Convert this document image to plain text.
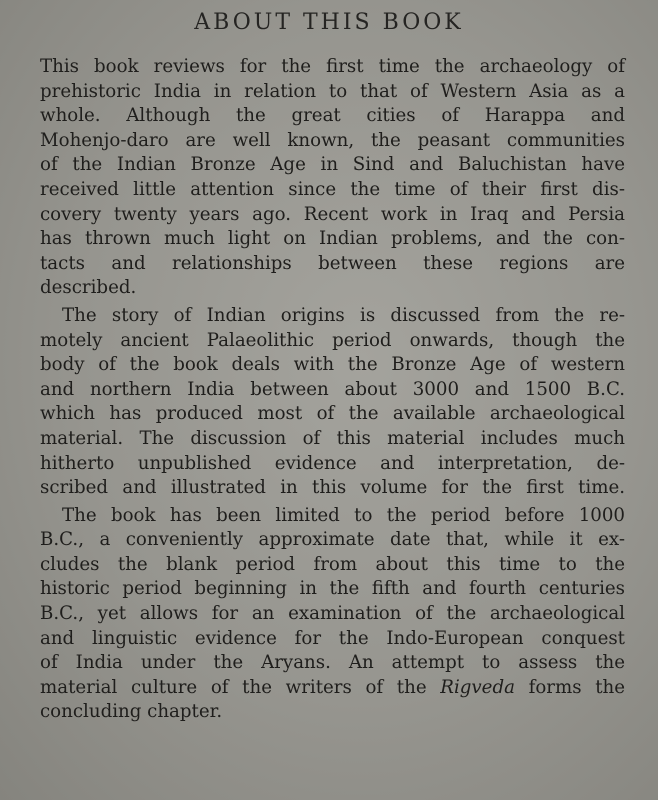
ABOUT THIS BOOK
This book reviews for the first time the archaeology of
prehistoric India in relation to that of Western Asia as a
whole. Although the great cities of Harappa and
Mohenjo-daro are well known, the peasant communities
of the Indian Bronze Age in Sind and Baluchistan have
received little attention since the time of their first dis-
covery twenty years ago. Recent work in Iraq and Persia
has thrown much light on Indian problems, and the con-
tacts and relationships between these regions are
described.
The story of Indian origins is discussed from the re-
motely ancient Palaeolithic period onwards, though the
body of the book deals with the Bronze Age of western
and northern India between about 3000 and 1500 B.C.
which has produced most of the available archaeological
material. The discussion of this material includes much
hitherto unpublished evidence and interpretation, de-
scribed and illustrated in this volume for the first time.
The book has been limited to the period before 1000
B.C., a conveniently approximate date that, while it ex-
cludes the blank period from about this time to the
historic period beginning in the fifth and fourth centuries
B.C., yet allows for an examination of the archaeological
and linguistic evidence for the Indo-European conquest
of India under the Aryans. An attempt to assess the
material culture of the writers of the Rigveda forms the
concluding chapter.
